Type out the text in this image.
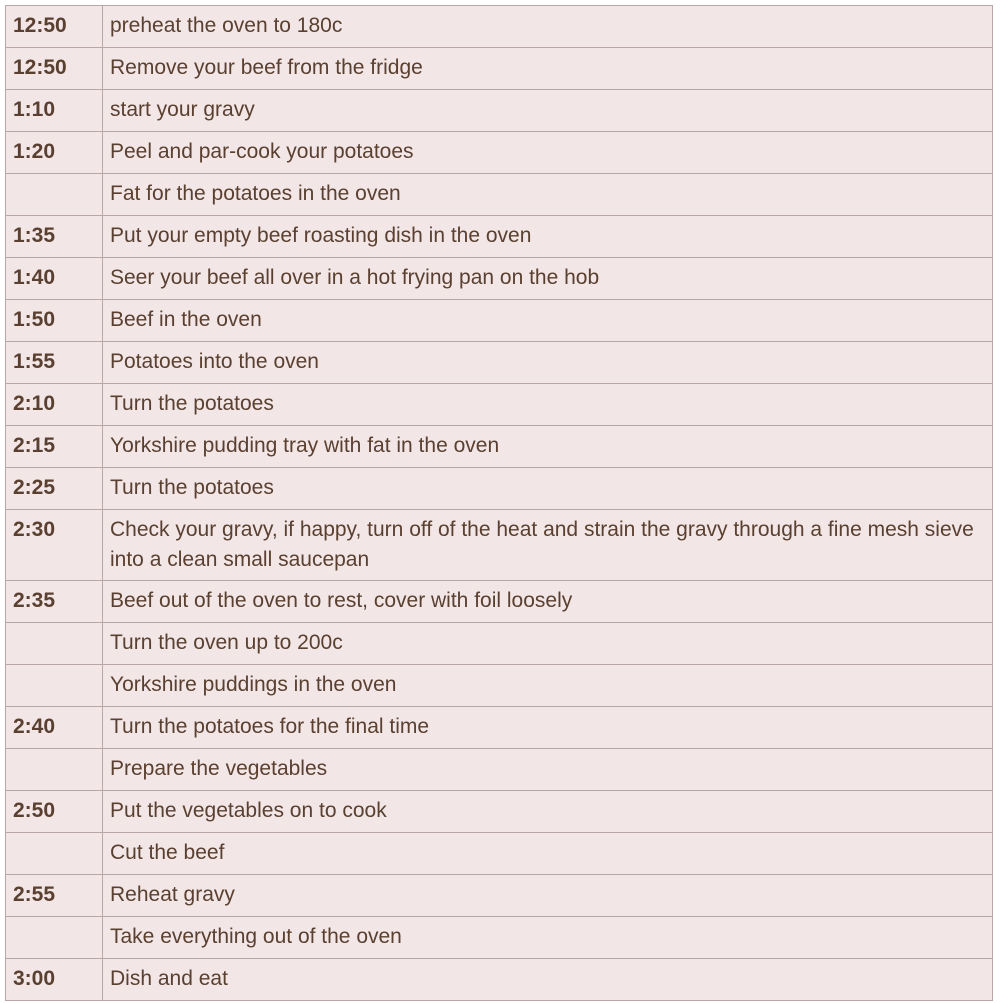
12:50	preheat the oven to 180c
12:50	Remove your beef from the fridge
1:10	start your gravy
1:20	Peel and par-cook your potatoes
	Fat for the potatoes in the oven
1:35	Put your empty beef roasting dish in the oven
1:40	Seer your beef all over in a hot frying pan on the hob
1:50	Beef in the oven
1:55	Potatoes into the oven
2:10	Turn the potatoes
2:15	Yorkshire pudding tray with fat in the oven
2:25	Turn the potatoes
2:30	Check your gravy, if happy, turn off of the heat and strain the gravy through a fine mesh sieve into a clean small saucepan
2:35	Beef out of the oven to rest, cover with foil loosely
	Turn the oven up to 200c
	Yorkshire puddings in the oven
2:40	Turn the potatoes for the final time
	Prepare the vegetables
2:50	Put the vegetables on to cook
	Cut the beef
2:55	Reheat gravy
	Take everything out of the oven
3:00	Dish and eat
